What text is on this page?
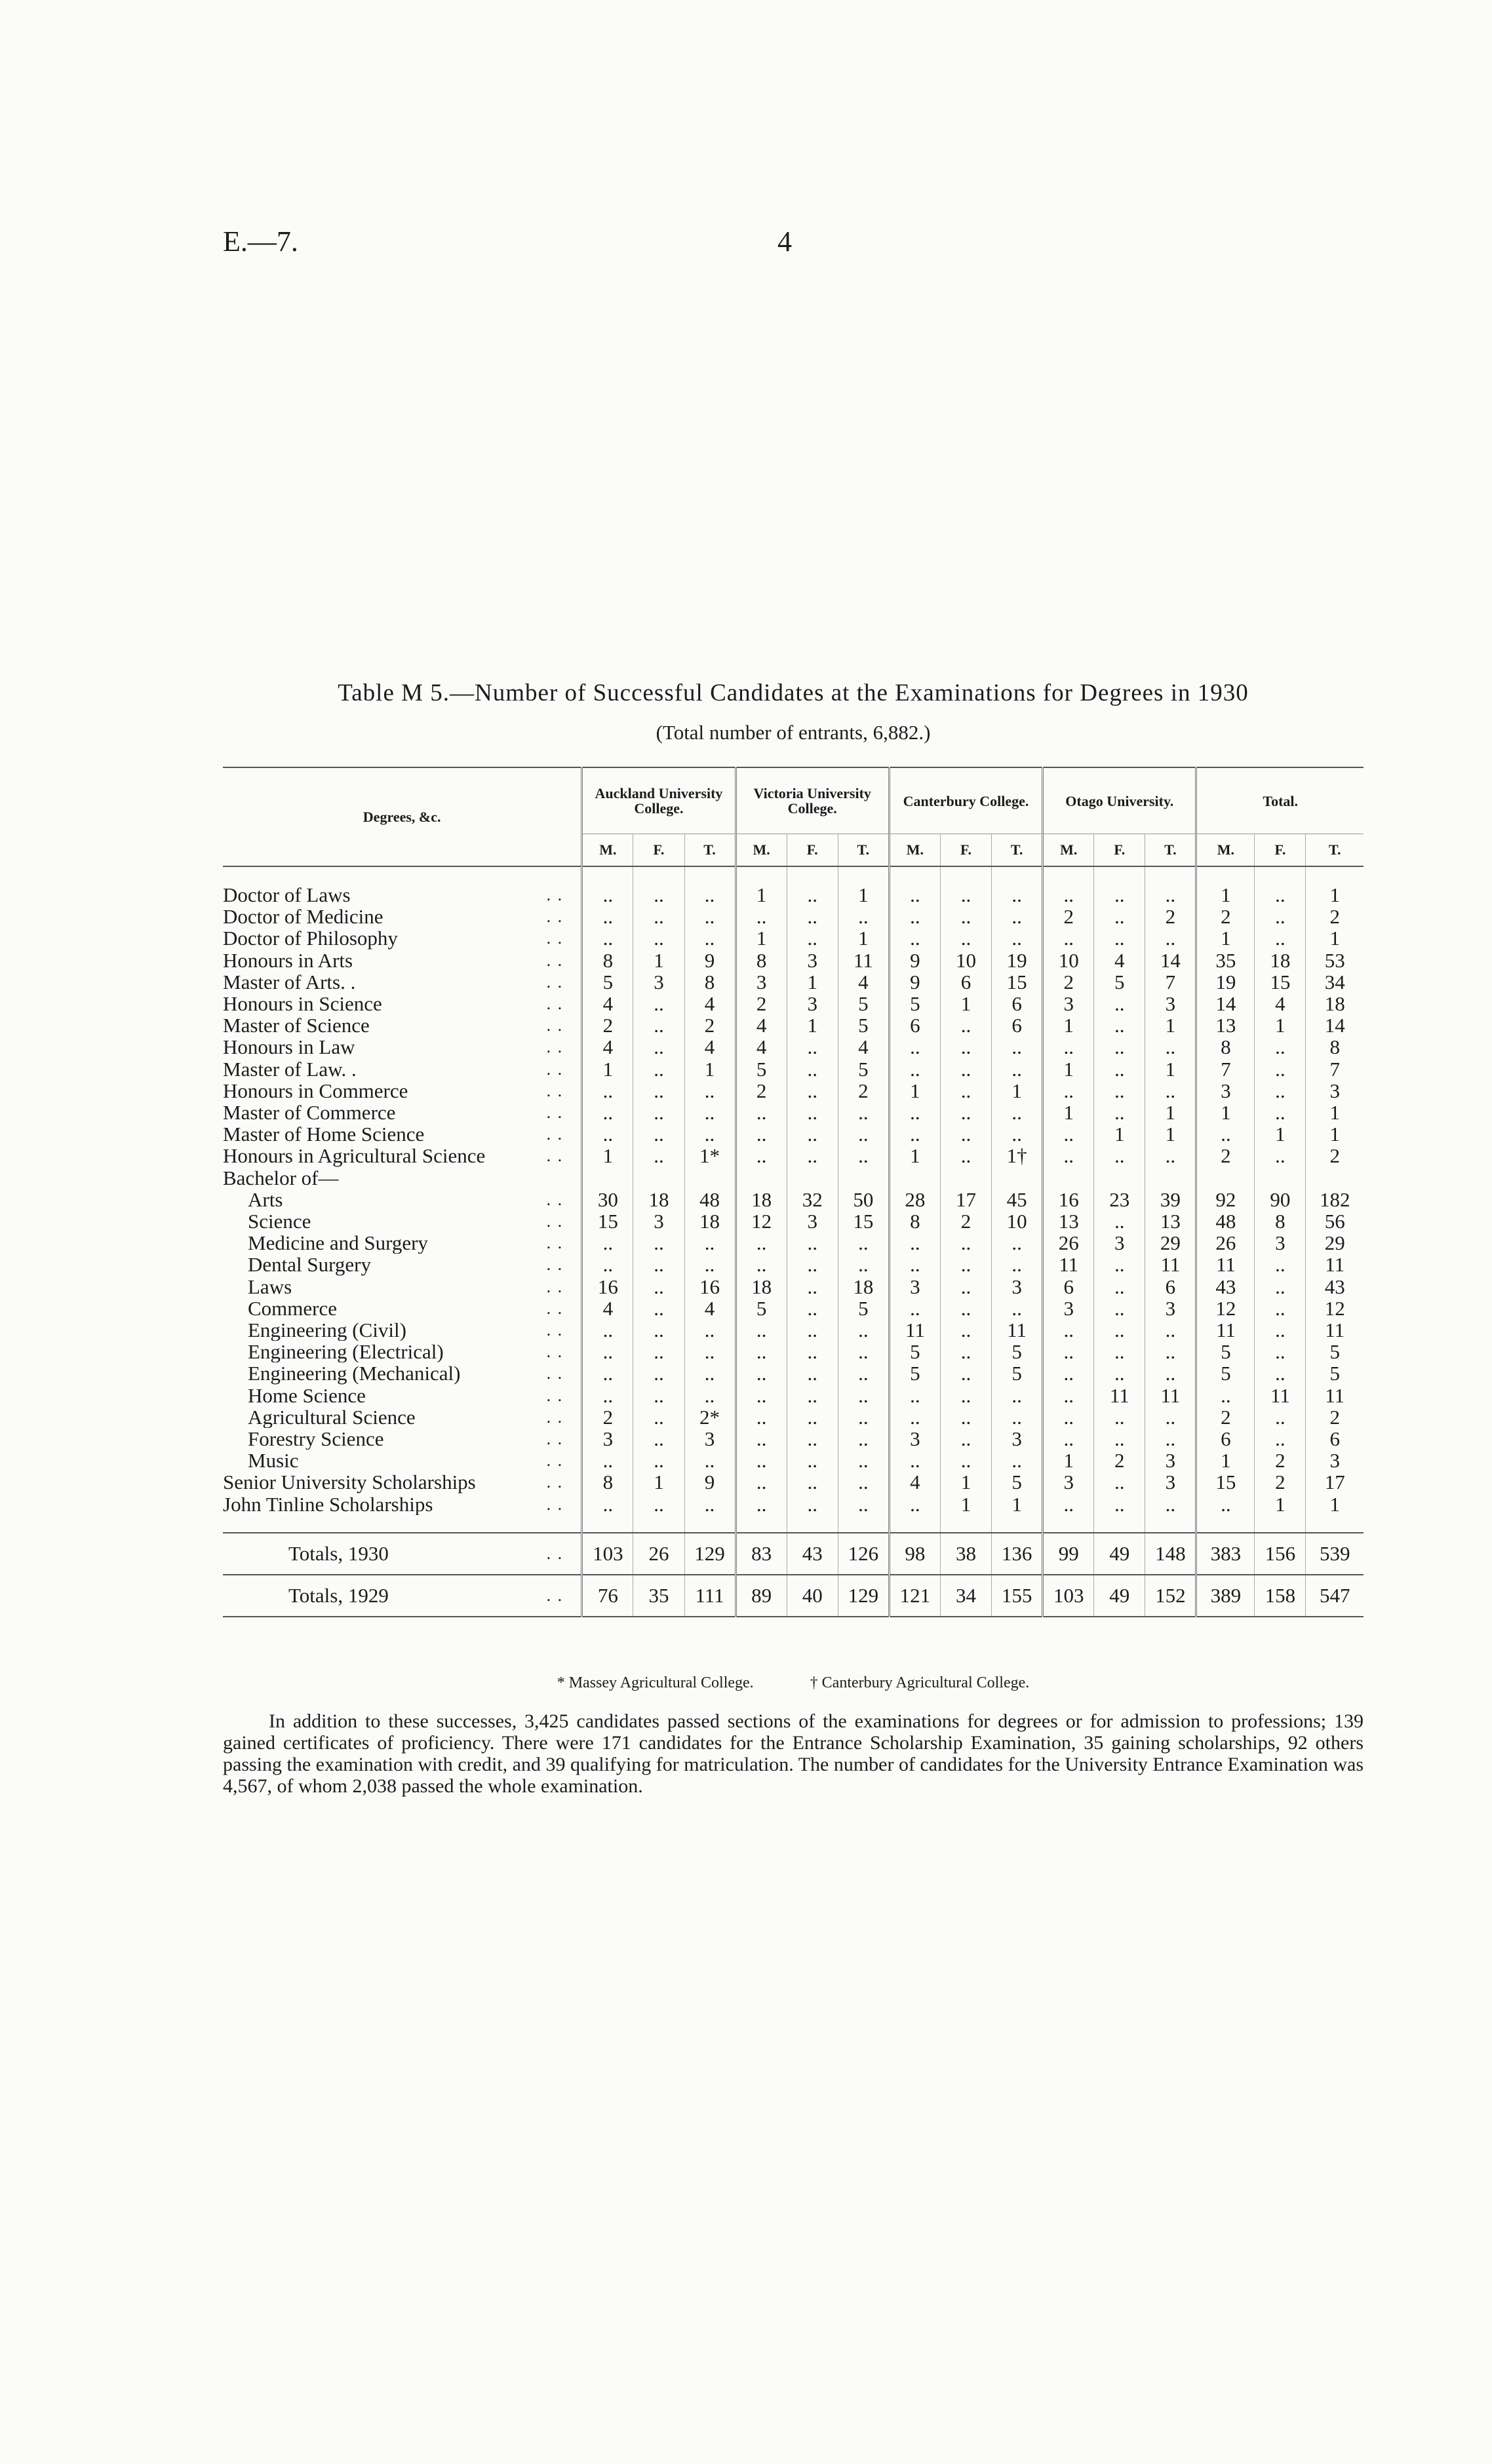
E.—7.	4
Table M 5.—Number of Successful Candidates at the Examinations for Degrees in 1930
(Total number of entrants, 6,882.)
Degrees, &c.		Auckland University College.			Victoria University College.			Canterbury College.			Otago University.			Total.		
		M.	F.	T.	M.	F.	T.	M.	F.	T.	M.	F.	T.	M.	F.	T.

Doctor of Laws	. .	..	..	..	1	..	1	..	..	..	..	..	..	1	..	1
Doctor of Medicine	. .	..	..	..	..	..	..	..	..	..	2	..	2	2	..	2
Doctor of Philosophy	. .	..	..	..	1	..	1	..	..	..	..	..	..	1	..	1
Honours in Arts	. .	8	1	9	8	3	11	9	10	19	10	4	14	35	18	53
Master of Arts. .	. .	5	3	8	3	1	4	9	6	15	2	5	7	19	15	34
Honours in Science	. .	4	..	4	2	3	5	5	1	6	3	..	3	14	4	18
Master of Science	. .	2	..	2	4	1	5	6	..	6	1	..	1	13	1	14
Honours in Law	. .	4	..	4	4	..	4	..	..	..	..	..	..	8	..	8
Master of Law. .	. .	1	..	1	5	..	5	..	..	..	1	..	1	7	..	7
Honours in Commerce	. .	..	..	..	2	..	2	1	..	1	..	..	..	3	..	3
Master of Commerce	. .	..	..	..	..	..	..	..	..	..	1	..	1	1	..	1
Master of Home Science	. .	..	..	..	..	..	..	..	..	..	..	1	1	..	1	1
Honours in Agricultural Science	. .	1	..	1*	..	..	..	1	..	1†	..	..	..	2	..	2
Bachelor of—																
Arts	. .	30	18	48	18	32	50	28	17	45	16	23	39	92	90	182
Science	. .	15	3	18	12	3	15	8	2	10	13	..	13	48	8	56
Medicine and Surgery	. .	..	..	..	..	..	..	..	..	..	26	3	29	26	3	29
Dental Surgery	. .	..	..	..	..	..	..	..	..	..	11	..	11	11	..	11
Laws	. .	16	..	16	18	..	18	3	..	3	6	..	6	43	..	43
Commerce	. .	4	..	4	5	..	5	..	..	..	3	..	3	12	..	12
Engineering (Civil)	. .	..	..	..	..	..	..	11	..	11	..	..	..	11	..	11
Engineering (Electrical)	. .	..	..	..	..	..	..	5	..	5	..	..	..	5	..	5
Engineering (Mechanical)	. .	..	..	..	..	..	..	5	..	5	..	..	..	5	..	5
Home Science	. .	..	..	..	..	..	..	..	..	..	..	11	11	..	11	11
Agricultural Science	. .	2	..	2*	..	..	..	..	..	..	..	..	..	2	..	2
Forestry Science	. .	3	..	3	..	..	..	3	..	3	..	..	..	6	..	6
Music	. .	..	..	..	..	..	..	..	..	..	1	2	3	1	2	3
Senior University Scholarships	. .	8	1	9	..	..	..	4	1	5	3	..	3	15	2	17
John Tinline Scholarships	. .	..	..	..	..	..	..	..	1	1	..	..	..	..	1	1

Totals, 1930	. .	103	26	129	83	43	126	98	38	136	99	49	148	383	156	539
Totals, 1929	. .	76	35	111	89	40	129	121	34	155	103	49	152	389	158	547
* Massey Agricultural College.	† Canterbury Agricultural College.
In addition to these successes, 3,425 candidates passed sections of the examinations for degrees or for admission to professions; 139 gained certificates of proficiency. There were 171 candidates for the Entrance Scholarship Examination, 35 gaining scholarships, 92 others passing the examination with credit, and 39 qualifying for matriculation. The number of candidates for the University Entrance Examination was 4,567, of whom 2,038 passed the whole examination.
